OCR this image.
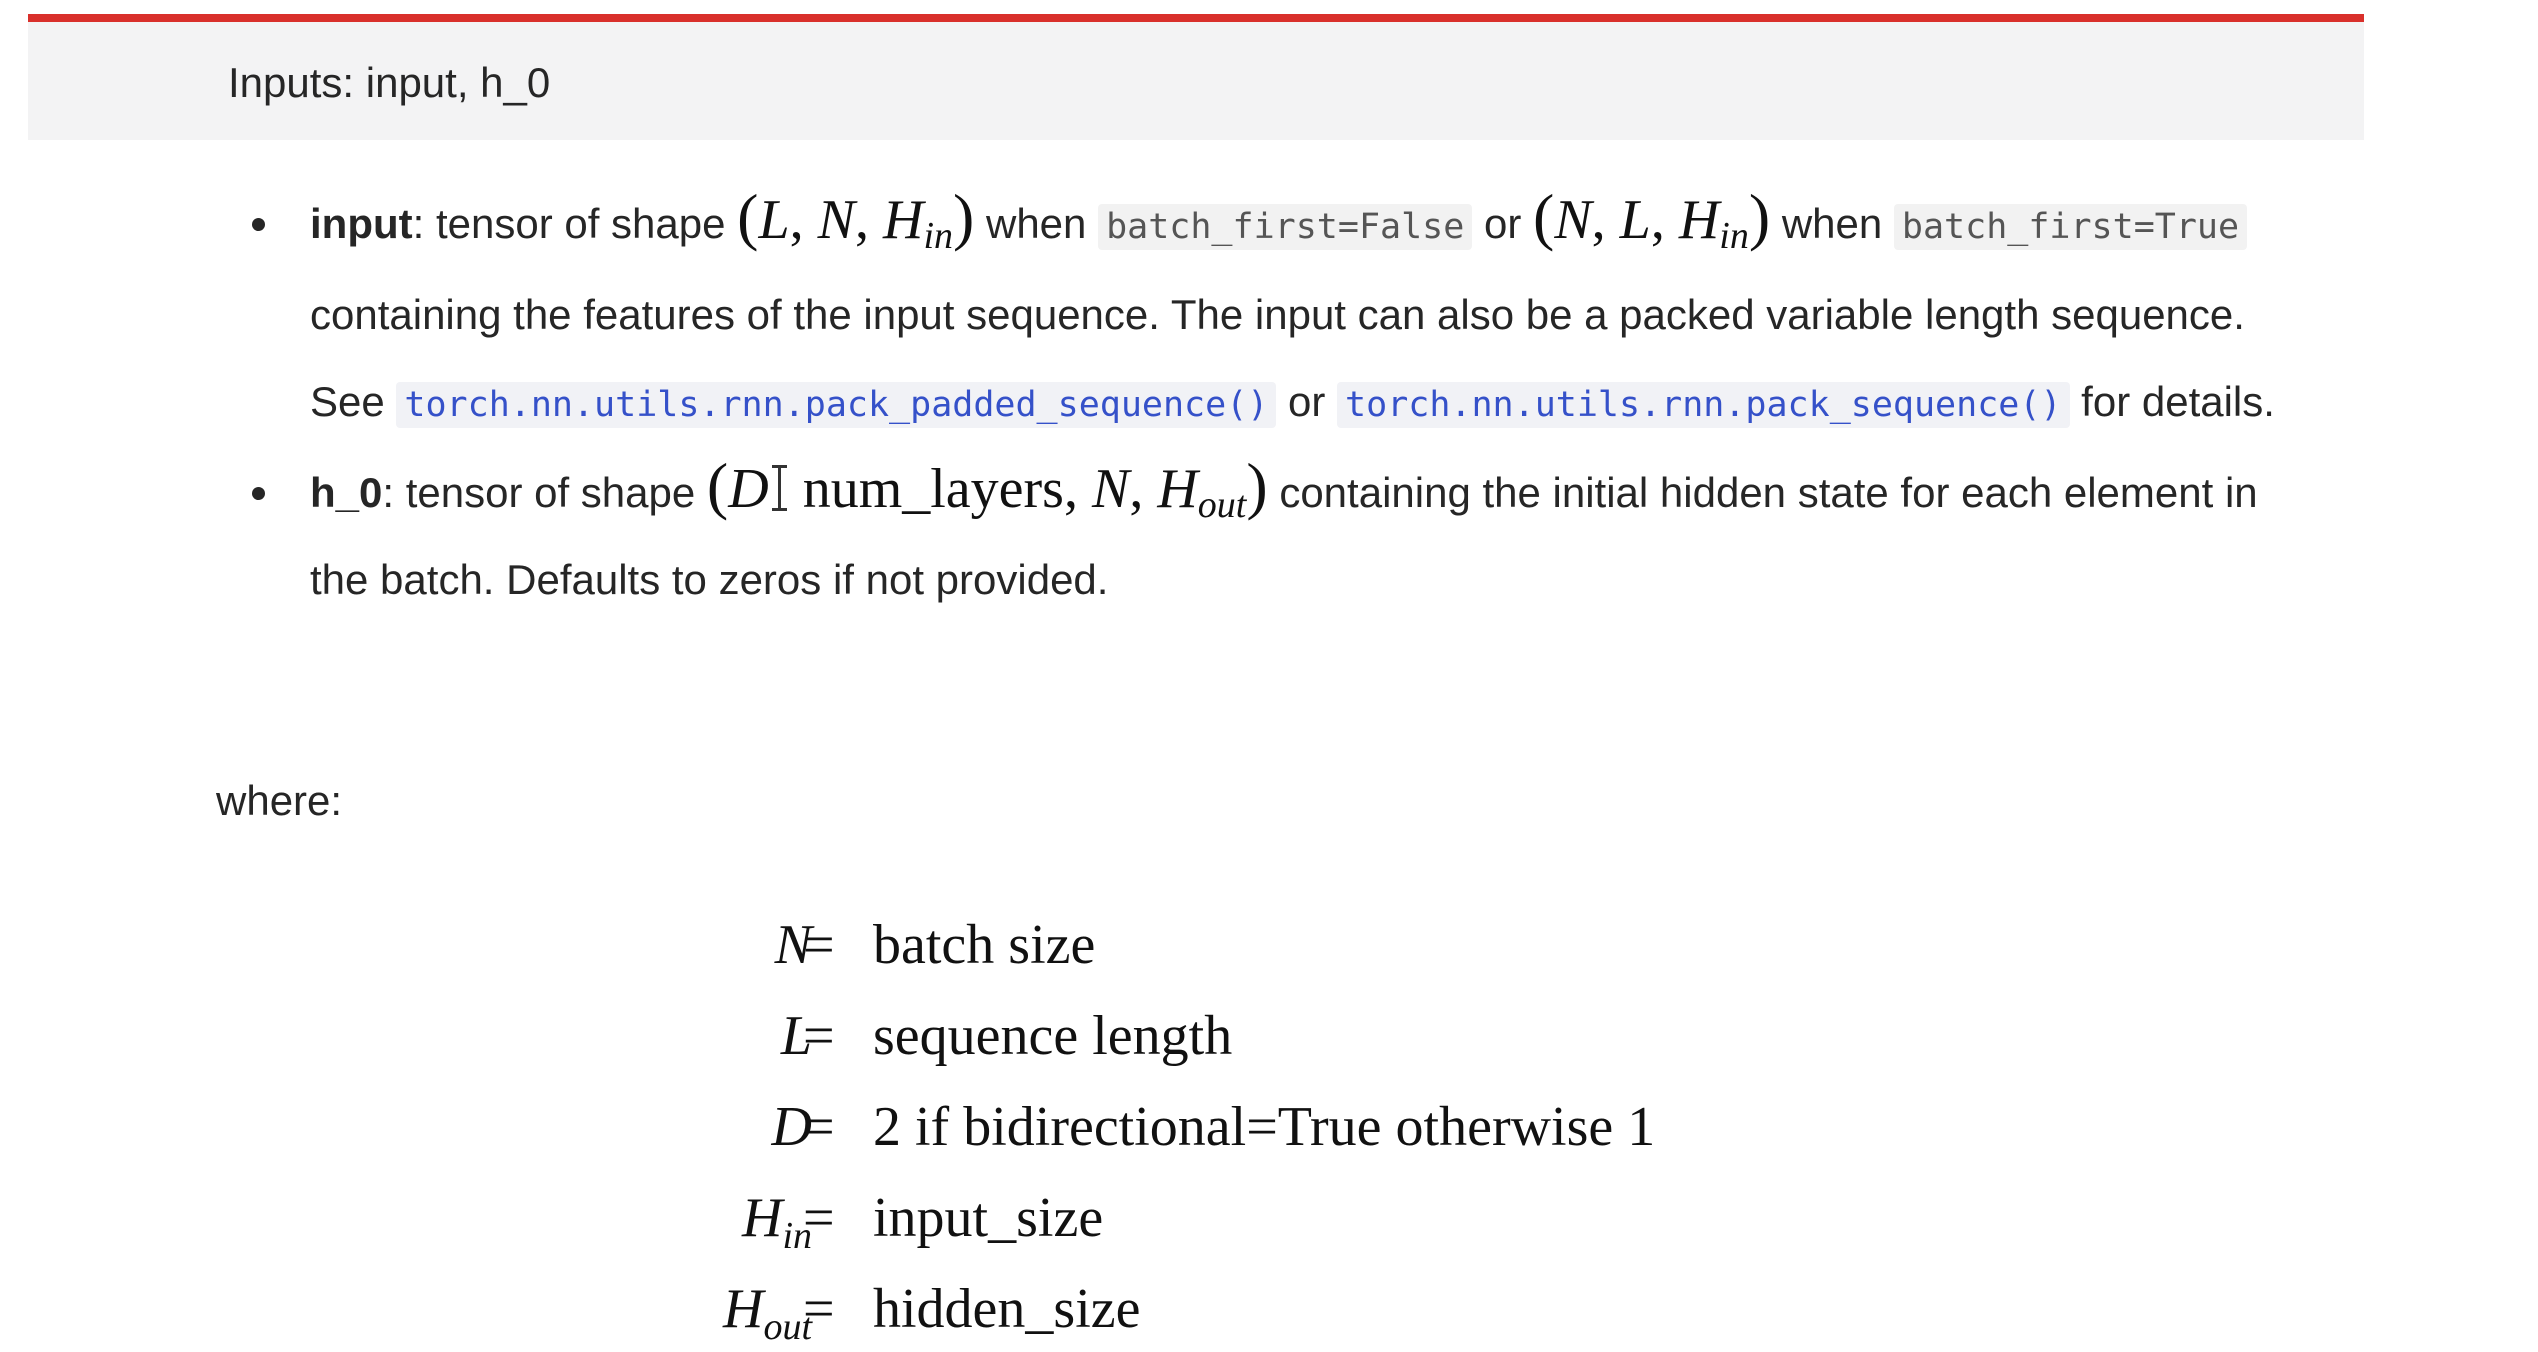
Inputs: input, h_0
input: tensor of shape (L, N, $H_{in}$) when batch_first=False or (N, L, $H_{in}$) when batch_first=True containing the features of the input sequence. The input can also be a packed variable length sequence. See torch.nn.utils.rnn.pack_padded_sequence() or torch.nn.utils.rnn.pack_sequence() for details.
h_0: tensor of shape (D num_layers, N, $H_{out}$) containing the initial hidden state for each element in the batch. Defaults to zeros if not provided.
where:
N
= batch size
L
= sequence length
D
= 2 if bidirectional=True otherwise 1
$H_{in}$
= input_size
$H_{out}$
= hidden_size
